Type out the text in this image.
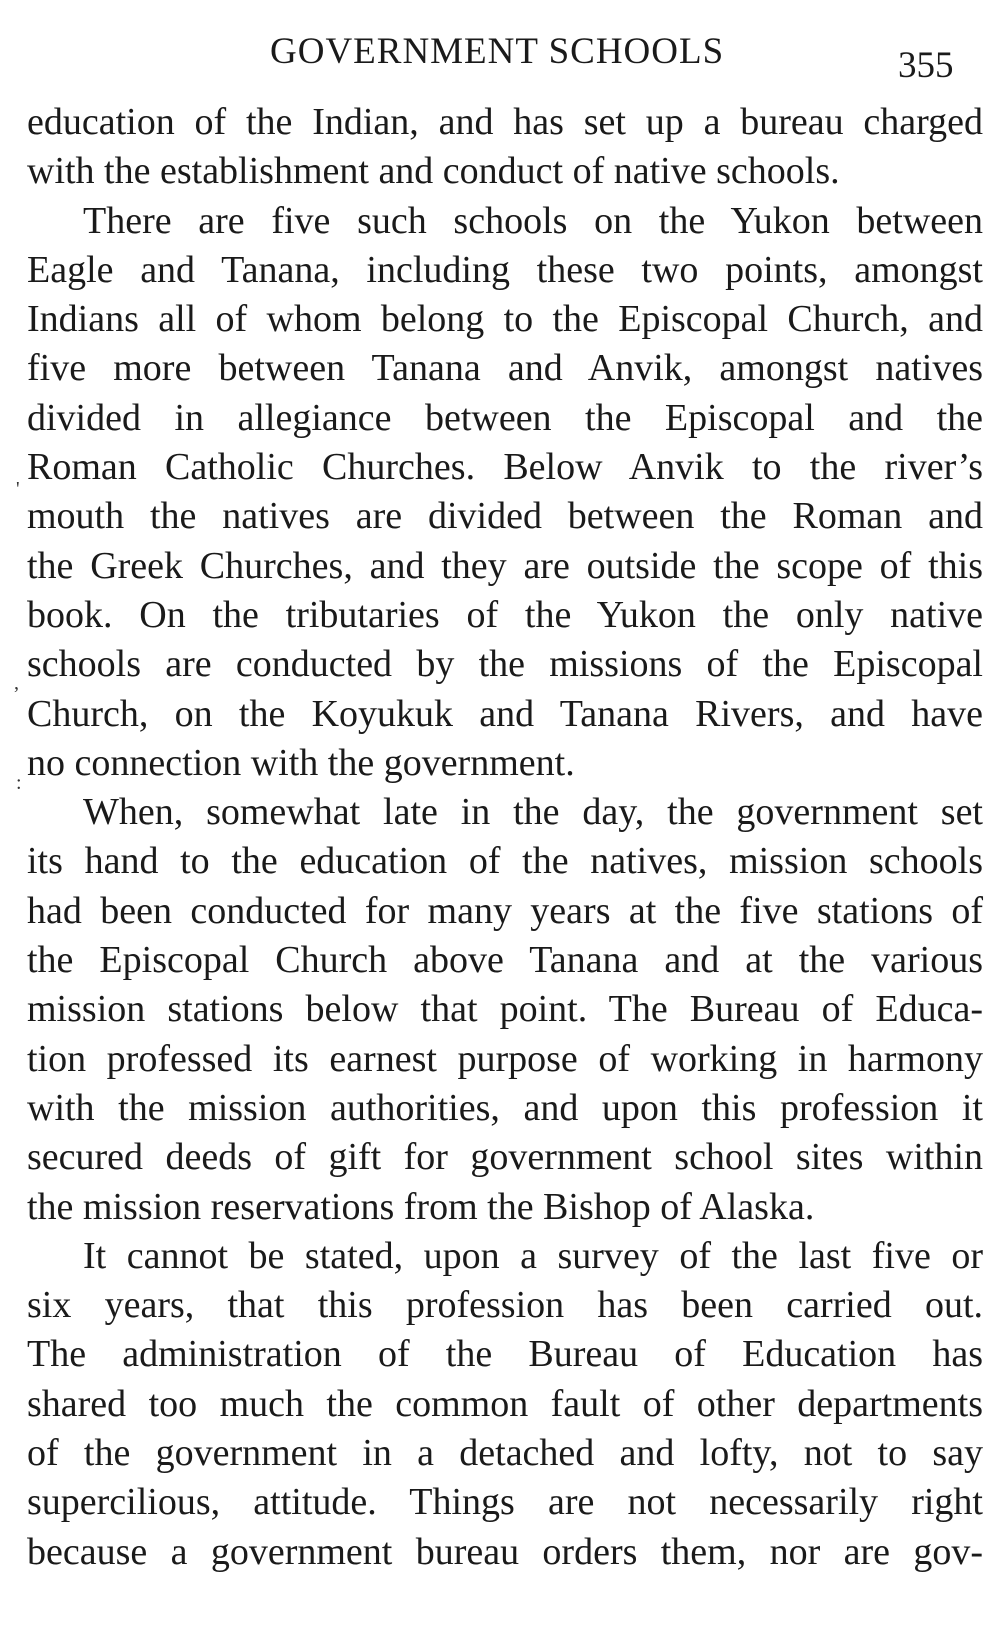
GOVERNMENT SCHOOLS	355
education of the Indian, and has set up a bureau charged
with the establishment and conduct of native schools.
There are five such schools on the Yukon between
Eagle and Tanana, including these two points, amongst
Indians all of whom belong to the Episcopal Church, and
five more between Tanana and Anvik, amongst natives
divided in allegiance between the Episcopal and the
Roman Catholic Churches. Below Anvik to the river’s
mouth the natives are divided between the Roman and
the Greek Churches, and they are outside the scope of this
book. On the tributaries of the Yukon the only native
schools are conducted by the missions of the Episcopal
Church, on the Koyukuk and Tanana Rivers, and have
no connection with the government.
When, somewhat late in the day, the government set
its hand to the education of the natives, mission schools
had been conducted for many years at the five stations of
the Episcopal Church above Tanana and at the various
mission stations below that point. The Bureau of Educa-
tion professed its earnest purpose of working in harmony
with the mission authorities, and upon this profession it
secured deeds of gift for government school sites within
the mission reservations from the Bishop of Alaska.
It cannot be stated, upon a survey of the last five or
six years, that this profession has been carried out.
The administration of the Bureau of Education has
shared too much the common fault of other departments
of the government in a detached and lofty, not to say
supercilious, attitude. Things are not necessarily right
because a government bureau orders them, nor are gov-
'
,
:
